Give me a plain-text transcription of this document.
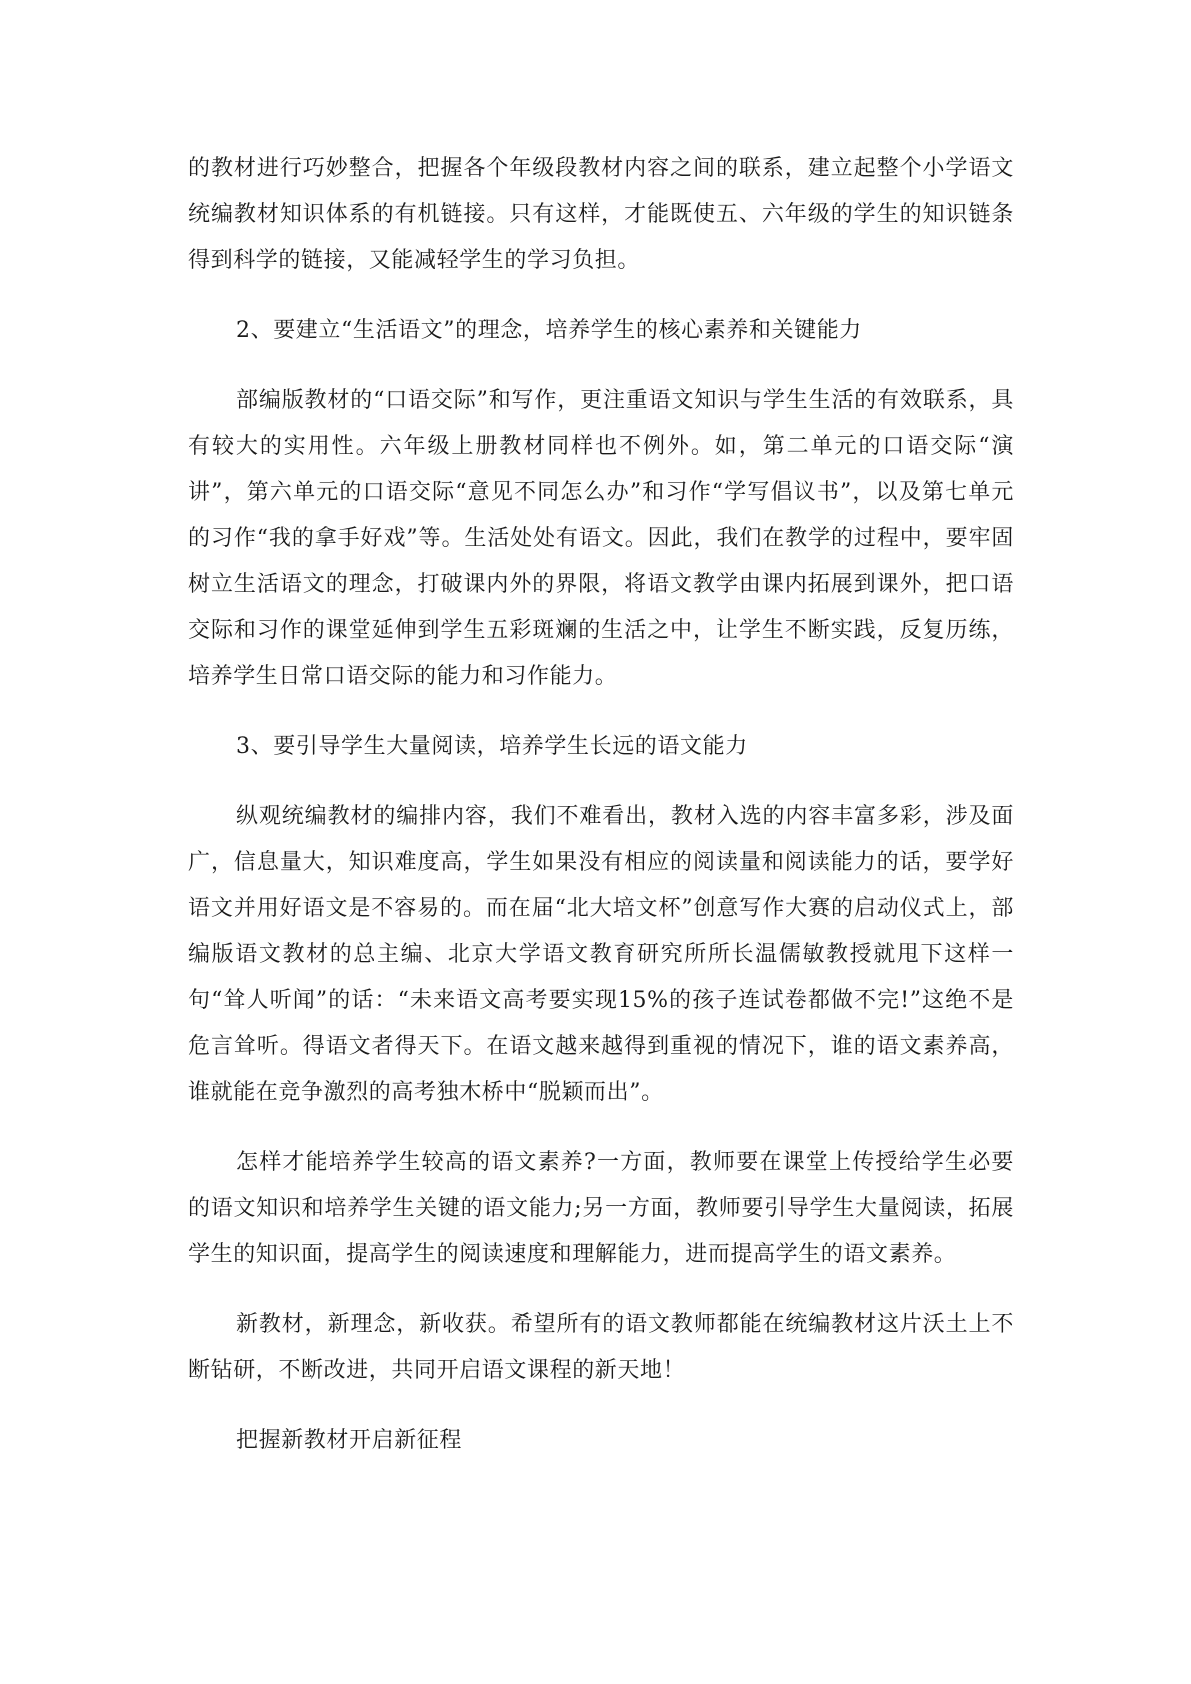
的教材进行巧妙整合，把握各个年级段教材内容之间的联系，建立起整个小学语文统编教材知识体系的有机链接。只有这样，才能既使五、六年级的学生的知识链条得到科学的链接，又能减轻学生的学习负担。

2、要建立“生活语文”的理念，培养学生的核心素养和关键能力

部编版教材的“口语交际”和写作，更注重语文知识与学生生活的有效联系，具有较大的实用性。六年级上册教材同样也不例外。如，第二单元的口语交际“演讲”，第六单元的口语交际“意见不同怎么办”和习作“学写倡议书”，以及第七单元的习作“我的拿手好戏”等。生活处处有语文。因此，我们在教学的过程中，要牢固树立生活语文的理念，打破课内外的界限，将语文教学由课内拓展到课外，把口语交际和习作的课堂延伸到学生五彩斑斓的生活之中，让学生不断实践，反复历练，培养学生日常口语交际的能力和习作能力。

3、要引导学生大量阅读，培养学生长远的语文能力

纵观统编教材的编排内容，我们不难看出，教材入选的内容丰富多彩，涉及面广，信息量大，知识难度高，学生如果没有相应的阅读量和阅读能力的话，要学好语文并用好语文是不容易的。而在届“北大培文杯”创意写作大赛的启动仪式上，部编版语文教材的总主编、北京大学语文教育研究所所长温儒敏教授就甩下这样一句“耸人听闻”的话：“未来语文高考要实现15%的孩子连试卷都做不完!”这绝不是危言耸听。得语文者得天下。在语文越来越得到重视的情况下，谁的语文素养高，谁就能在竞争激烈的高考独木桥中“脱颖而出”。

怎样才能培养学生较高的语文素养?一方面，教师要在课堂上传授给学生必要的语文知识和培养学生关键的语文能力;另一方面，教师要引导学生大量阅读，拓展学生的知识面，提高学生的阅读速度和理解能力，进而提高学生的语文素养。

新教材，新理念，新收获。希望所有的语文教师都能在统编教材这片沃土上不断钻研，不断改进，共同开启语文课程的新天地！

把握新教材开启新征程
